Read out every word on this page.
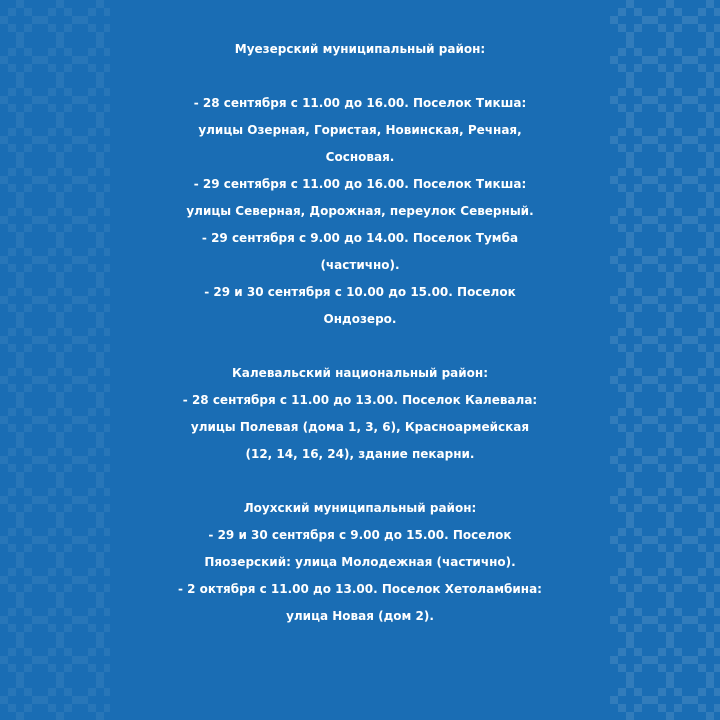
Муезерский муниципальный район:
- 28 сентября с 11.00 до 16.00. Поселок Тикша:
улицы Озерная, Гористая, Новинская, Речная,
Сосновая.
- 29 сентября с 11.00 до 16.00. Поселок Тикша:
улицы Северная, Дорожная, переулок Северный.
- 29 сентября с 9.00 до 14.00. Поселок Тумба
(частично).
- 29 и 30 сентября с 10.00 до 15.00. Поселок
Ондозеро.
Калевальский национальный район:
- 28 сентября с 11.00 до 13.00. Поселок Калевала:
улицы Полевая (дома 1, 3, 6), Красноармейская
(12, 14, 16, 24), здание пекарни.
Лоухский муниципальный район:
- 29 и 30 сентября с 9.00 до 15.00. Поселок
Пяозерский: улица Молодежная (частично).
- 2 октября с 11.00 до 13.00. Поселок Хетоламбина:
улица Новая (дом 2).
